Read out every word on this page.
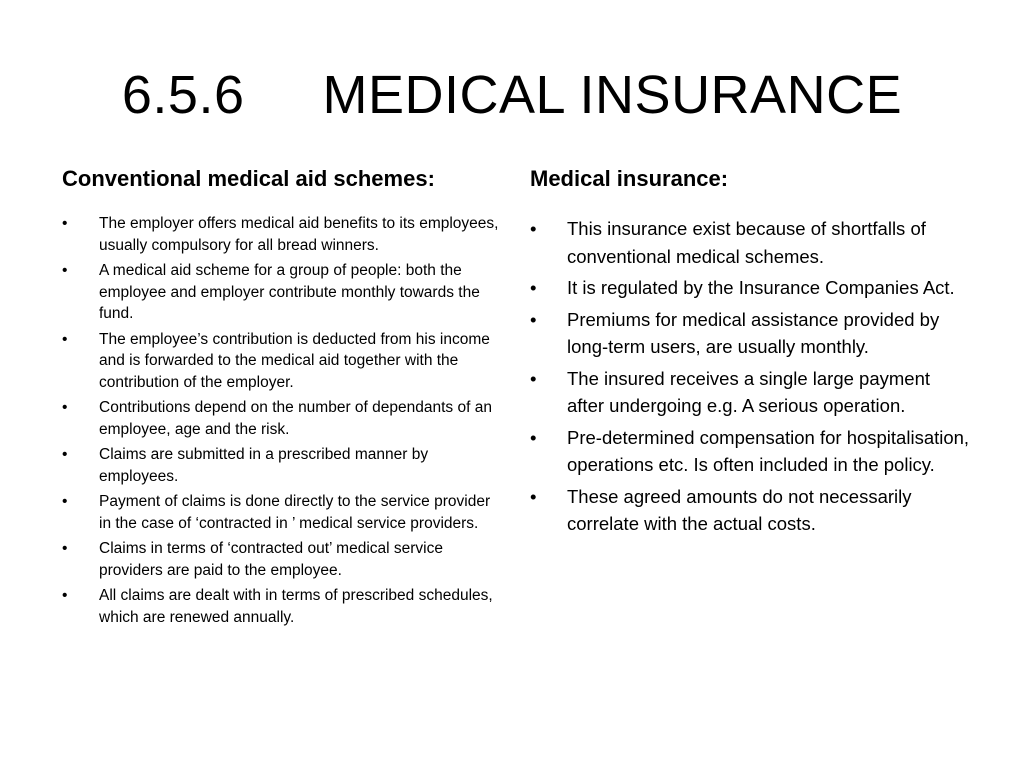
6.5.6 MEDICAL INSURANCE
Conventional medical aid schemes:
• The employer offers medical aid benefits to its employees, usually compulsory for all bread winners.
• A medical aid scheme for a group of people: both the employee and employer contribute monthly towards the fund.
• The employee’s contribution is deducted from his income and is forwarded to the medical aid together with the contribution of the employer.
• Contributions depend on the number of dependants of an employee, age and the risk.
• Claims are submitted in a prescribed manner by employees.
• Payment of claims is done directly to the service provider in the case of ‘contracted in ’ medical service providers.
• Claims in terms of ‘contracted out’ medical service providers are paid to the employee.
• All claims are dealt with in terms of prescribed schedules, which are renewed annually.
Medical insurance:
• This insurance exist because of shortfalls of conventional medical schemes.
• It is regulated by the Insurance Companies Act.
• Premiums for medical assistance provided by long-term users, are usually monthly.
• The insured receives a single large payment after undergoing e.g. A serious operation.
• Pre-determined compensation for hospitalisation, operations etc. Is often included in the policy.
• These agreed amounts do not necessarily correlate with the actual costs.
